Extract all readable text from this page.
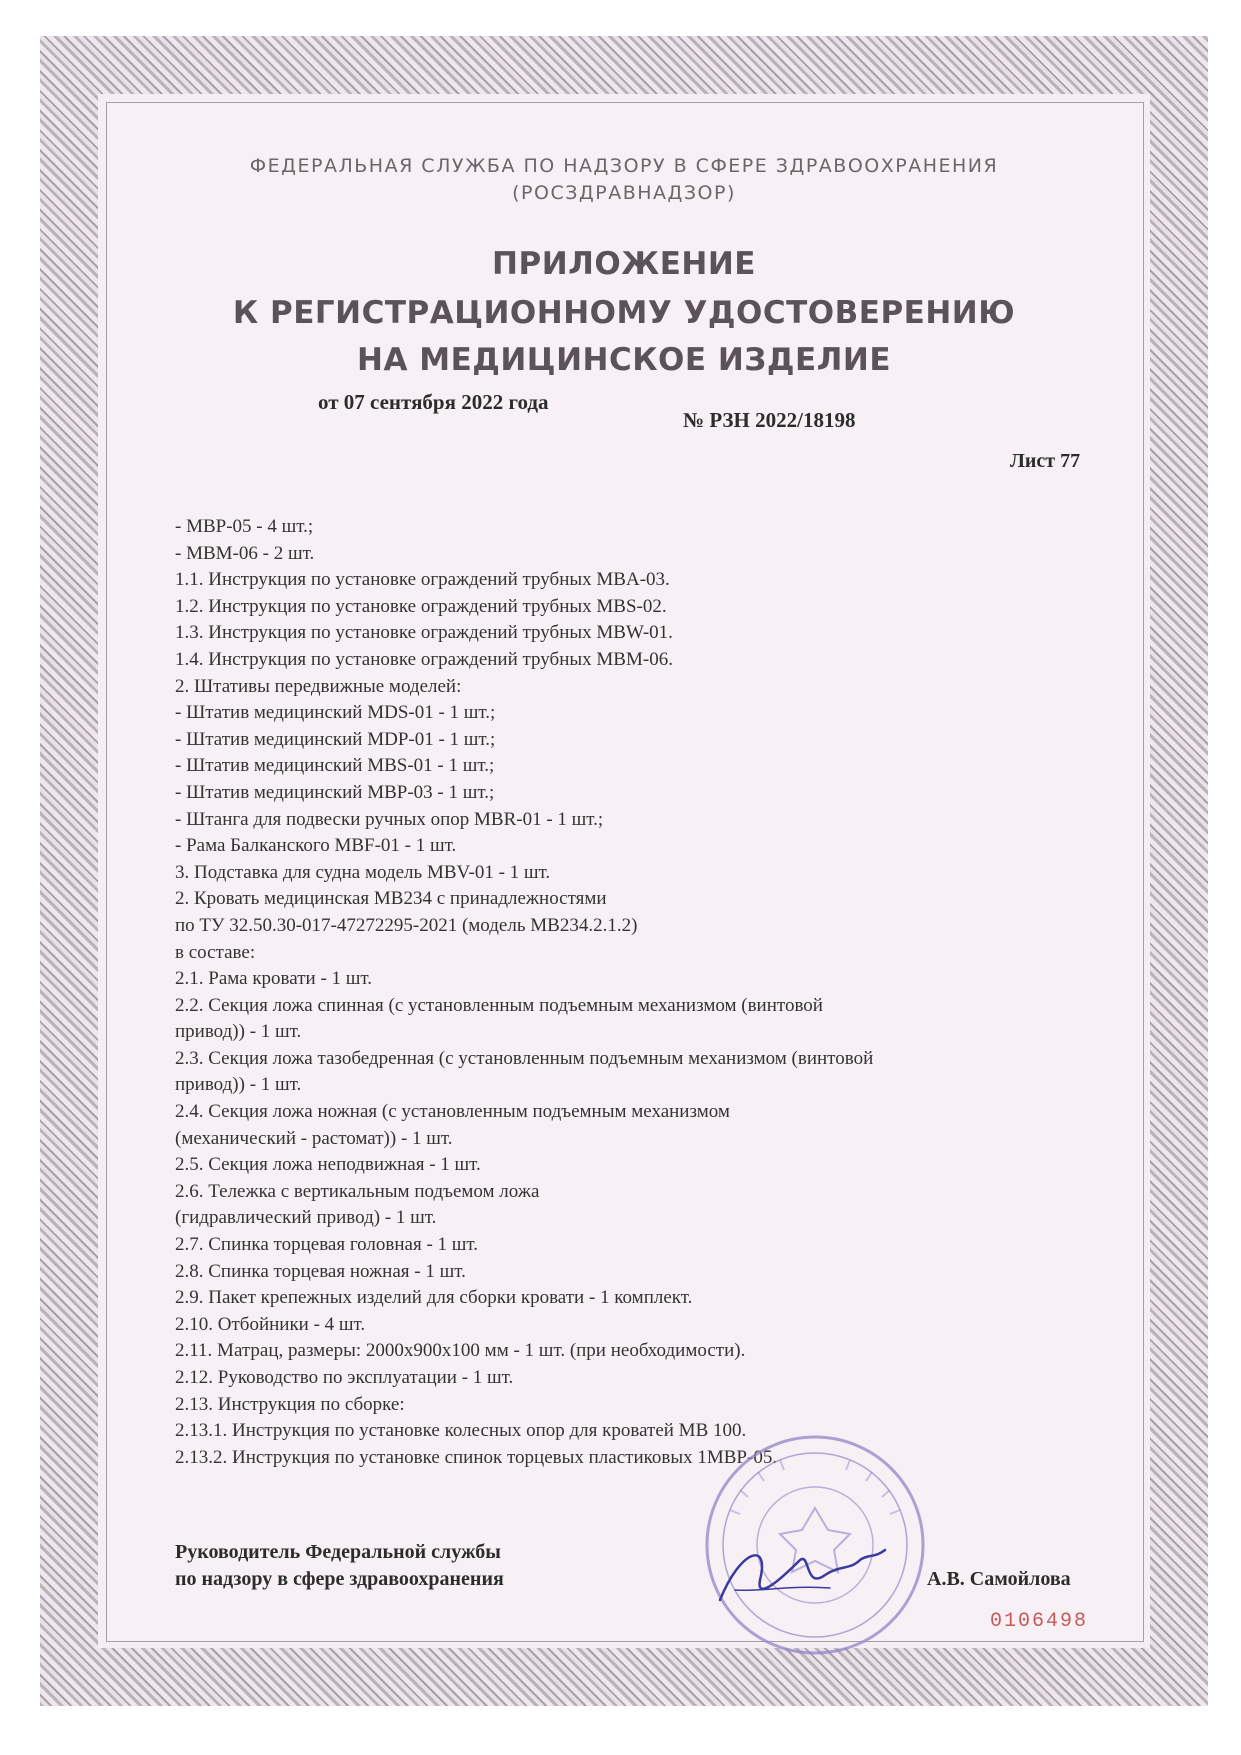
ФЕДЕРАЛЬНАЯ СЛУЖБА ПО НАДЗОРУ В СФЕРЕ ЗДРАВООХРАНЕНИЯ
(РОСЗДРАВНАДЗОР)
ПРИЛОЖЕНИЕ
К РЕГИСТРАЦИОННОМУ УДОСТОВЕРЕНИЮ
НА МЕДИЦИНСКОЕ ИЗДЕЛИЕ
от 07 сентября 2022 года
№ РЗН 2022/18198
Лист 77
- MBP-05 - 4 шт.;
- MBM-06 - 2 шт.
1.1. Инструкция по установке ограждений трубных MBA-03.
1.2. Инструкция по установке ограждений трубных MBS-02.
1.3. Инструкция по установке ограждений трубных MBW-01.
1.4. Инструкция по установке ограждений трубных MBM-06.
2. Штативы передвижные моделей:
- Штатив медицинский MDS-01 - 1 шт.;
- Штатив медицинский MDP-01 - 1 шт.;
- Штатив медицинский MBS-01 - 1 шт.;
- Штатив медицинский MBP-03 - 1 шт.;
- Штанга для подвески ручных опор MBR-01 - 1 шт.;
- Рама Балканского MBF-01 - 1 шт.
3. Подставка для судна модель MBV-01 - 1 шт.
2. Кровать медицинская MB234 с принадлежностями
по ТУ 32.50.30-017-47272295-2021 (модель MB234.2.1.2)
в составе:
2.1. Рама кровати - 1 шт.
2.2. Секция ложа спинная (с установленным подъемным механизмом (винтовой
привод)) - 1 шт.
2.3. Секция ложа тазобедренная (с установленным подъемным механизмом (винтовой
привод)) - 1 шт.
2.4. Секция ложа ножная (с установленным подъемным механизмом
(механический - растомат)) - 1 шт.
2.5. Секция ложа неподвижная - 1 шт.
2.6. Тележка с вертикальным подъемом ложа
(гидравлический привод) - 1 шт.
2.7. Спинка торцевая головная - 1 шт.
2.8. Спинка торцевая ножная - 1 шт.
2.9. Пакет крепежных изделий для сборки кровати - 1 комплект.
2.10. Отбойники - 4 шт.
2.11. Матрац, размеры: 2000x900x100 мм - 1 шт. (при необходимости).
2.12. Руководство по эксплуатации - 1 шт.
2.13. Инструкция по сборке:
2.13.1. Инструкция по установке колесных опор для кроватей MB 100.
2.13.2. Инструкция по установке спинок торцевых пластиковых 1MBP-05.
Руководитель Федеральной службы
по надзору в сфере здравоохранения	А.В. Самойлова
0106498
